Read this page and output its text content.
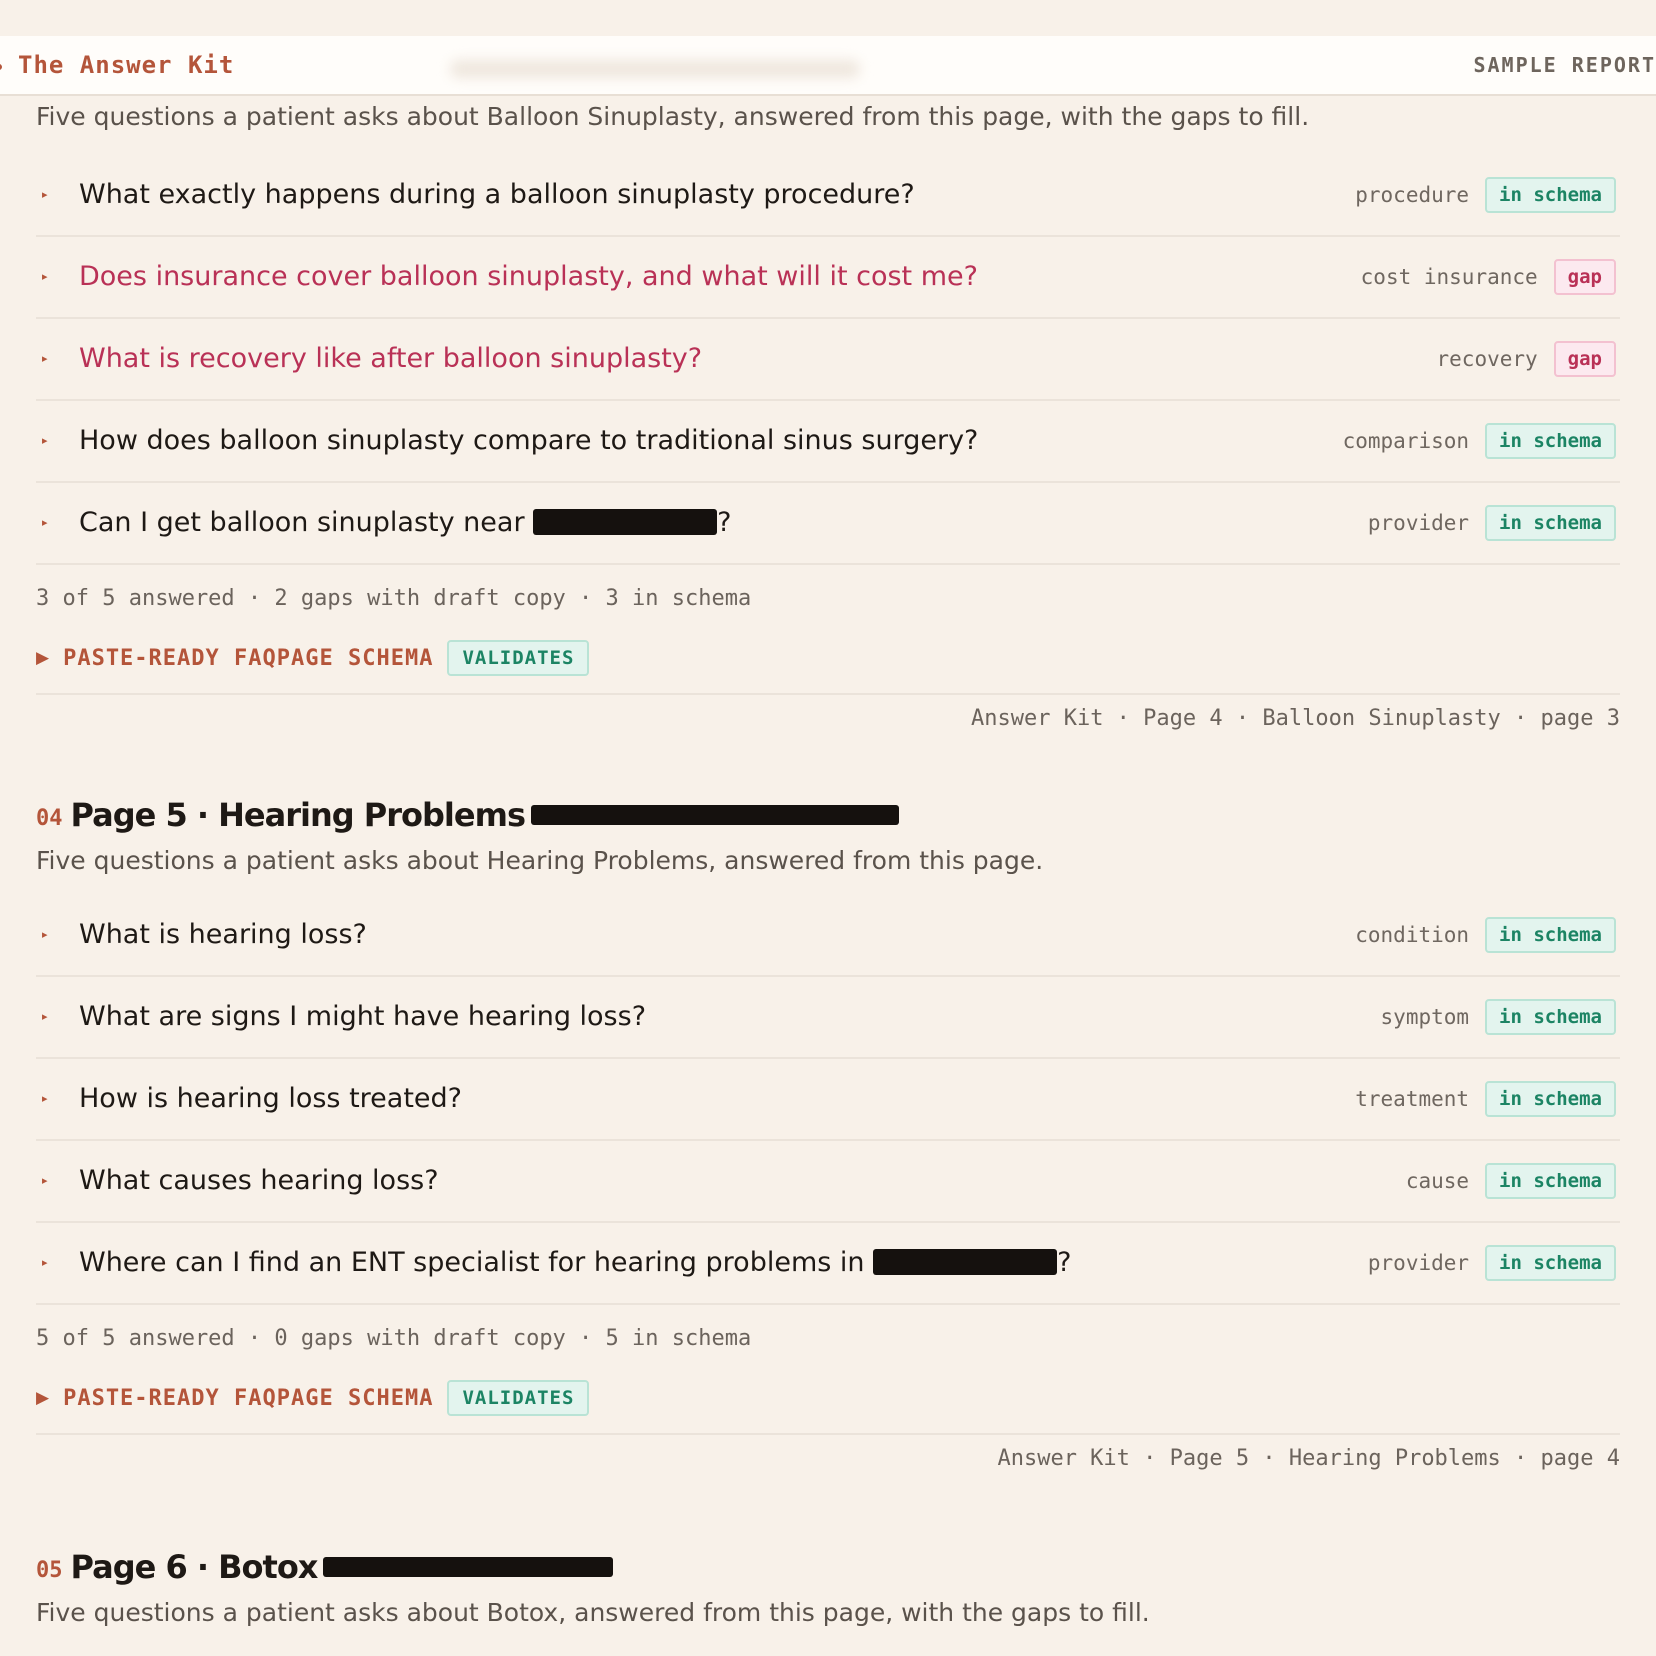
The Answer Kit	SAMPLE REPORT
Five questions a patient asks about Balloon Sinuplasty, answered from this page, with the gaps to fill.
▸ What exactly happens during a balloon sinuplasty procedure?	procedure	in schema
▸ Does insurance cover balloon sinuplasty, and what will it cost me?	cost insurance	gap
▸ What is recovery like after balloon sinuplasty?	recovery	gap
▸ How does balloon sinuplasty compare to traditional sinus surgery?	comparison	in schema
▸ Can I get balloon sinuplasty near	?	provider	in schema
3 of 5 answered · 2 gaps with draft copy · 3 in schema
▶ PASTE-READY FAQPAGE SCHEMA	VALIDATES
Answer Kit · Page 4 · Balloon Sinuplasty · page 3
04 Page 5 · Hearing Problems
Five questions a patient asks about Hearing Problems, answered from this page.
▸ What is hearing loss?	condition	in schema
▸ What are signs I might have hearing loss?	symptom	in schema
▸ How is hearing loss treated?	treatment	in schema
▸ What causes hearing loss?	cause	in schema
▸ Where can I find an ENT specialist for hearing problems in	?	provider	in schema
5 of 5 answered · 0 gaps with draft copy · 5 in schema
▶ PASTE-READY FAQPAGE SCHEMA	VALIDATES
Answer Kit · Page 5 · Hearing Problems · page 4
05 Page 6 · Botox
Five questions a patient asks about Botox, answered from this page, with the gaps to fill.
